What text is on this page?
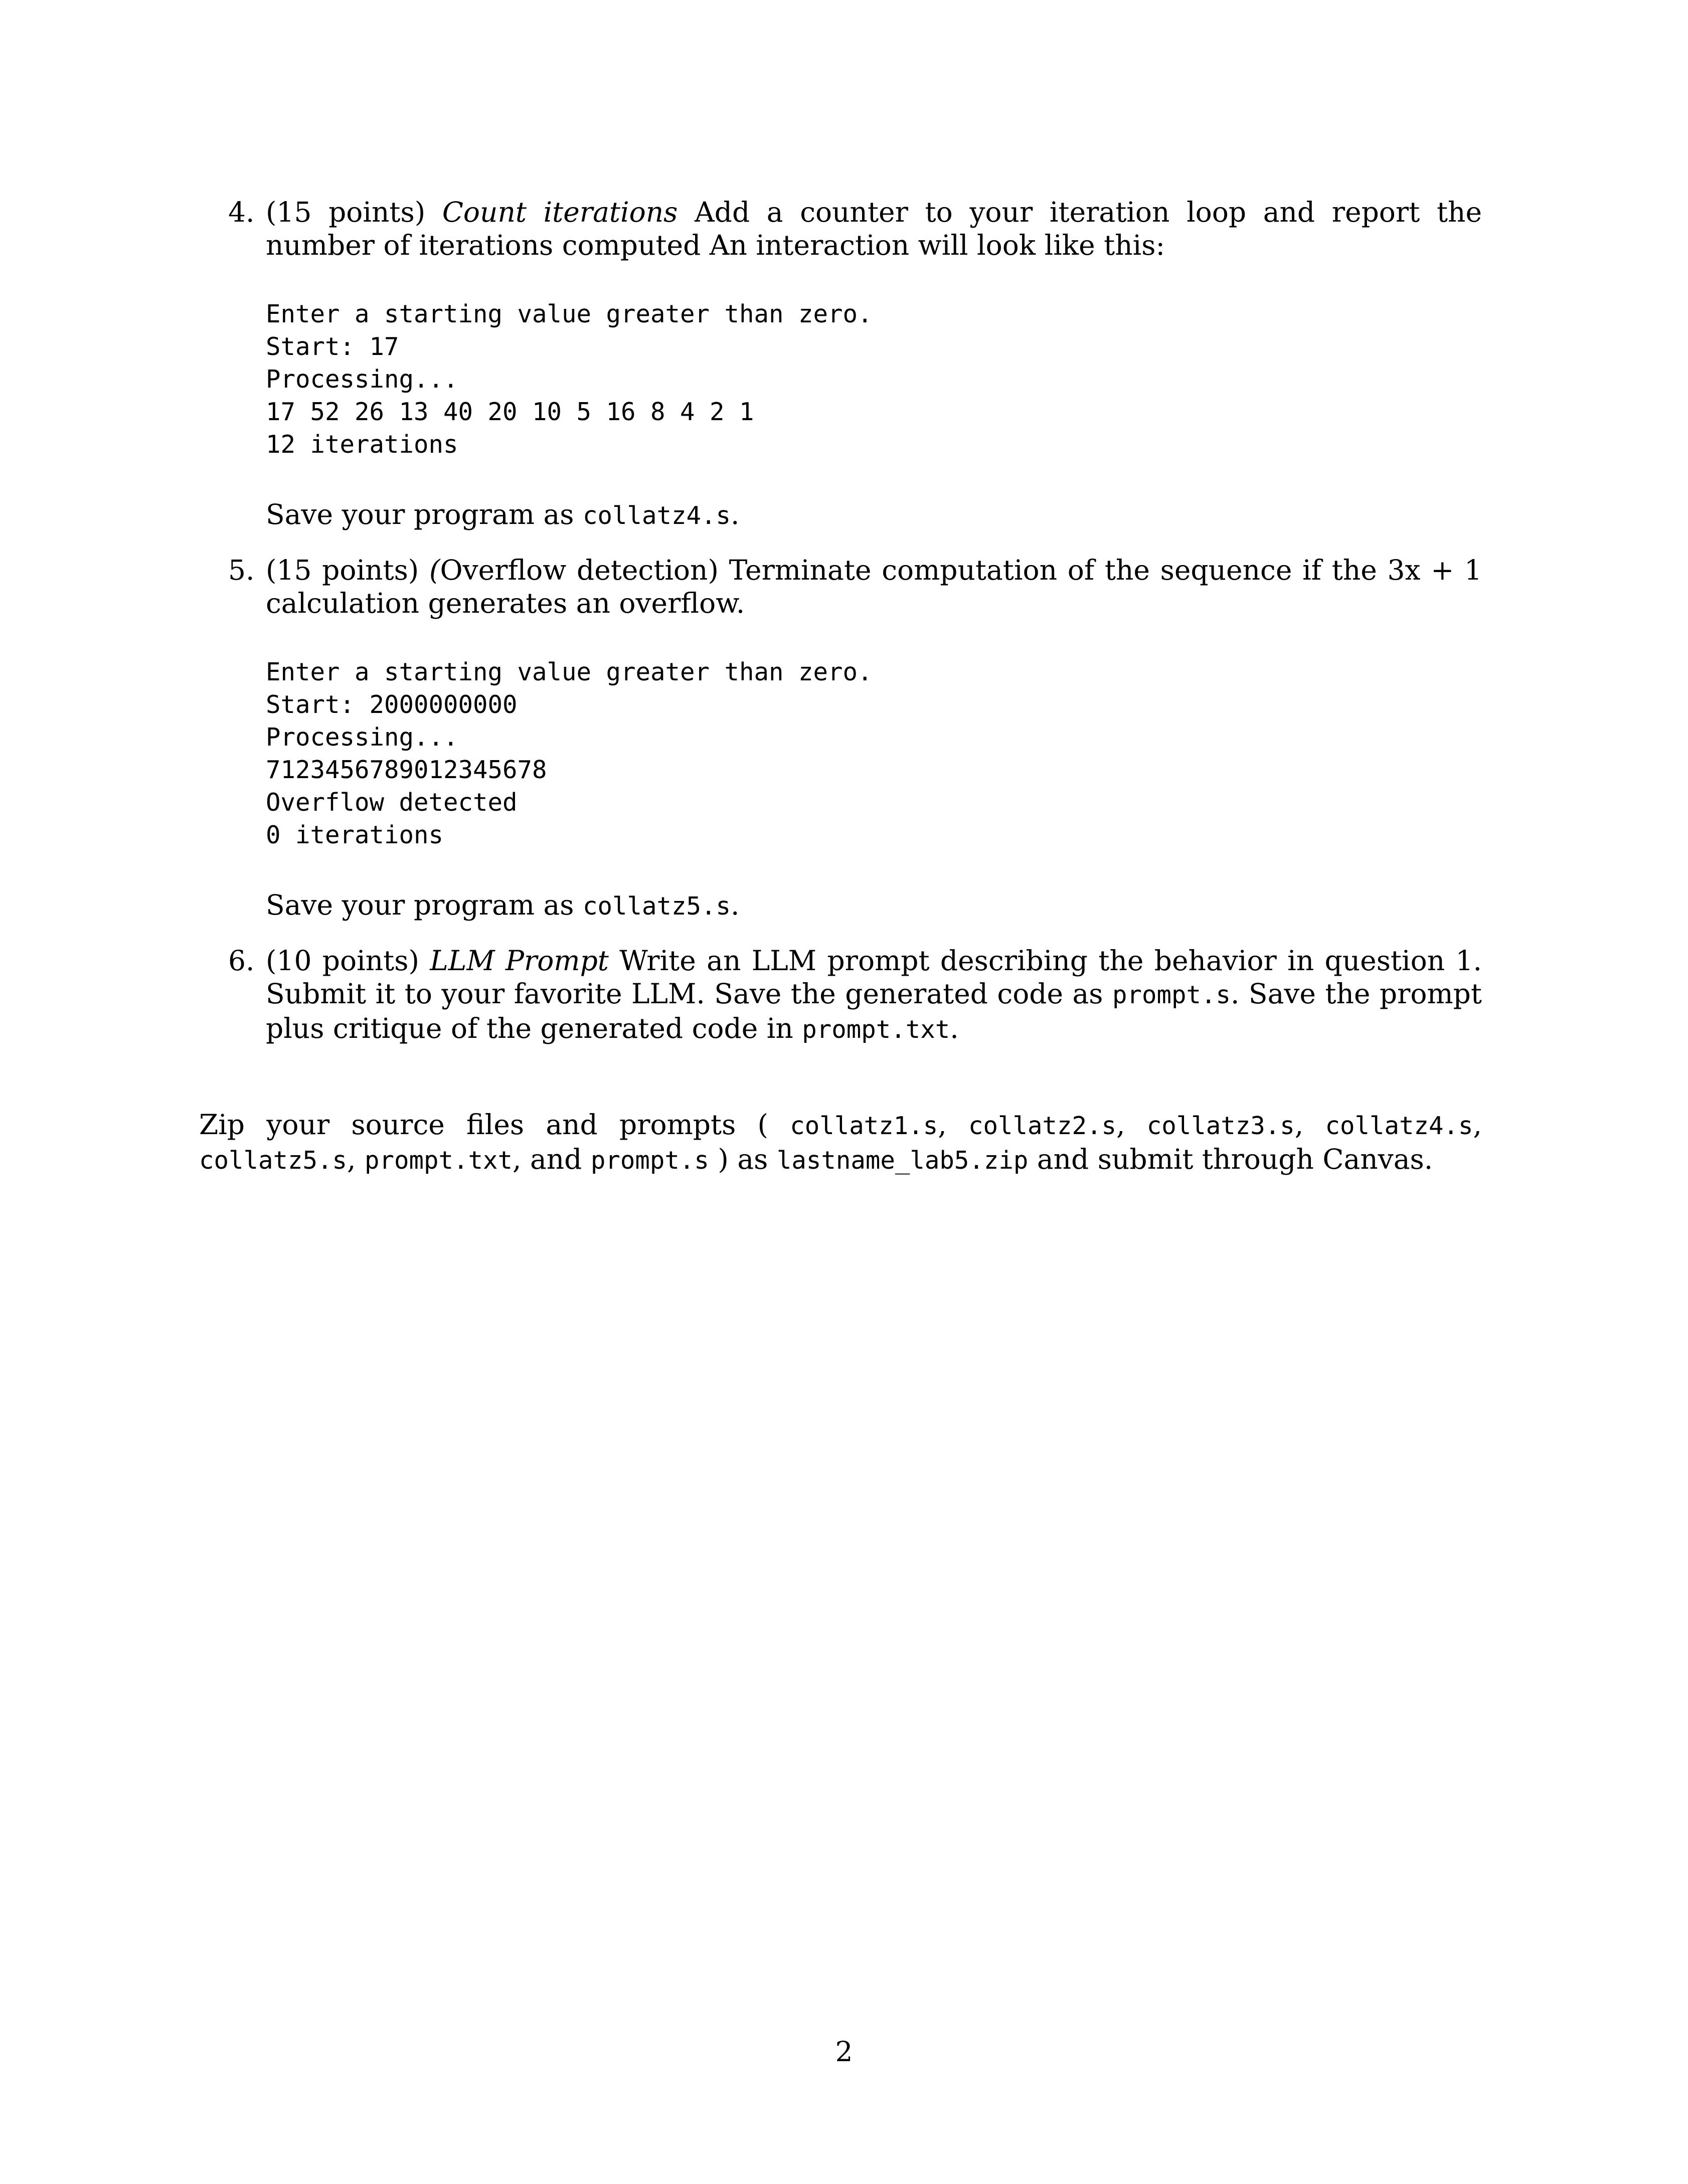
4. (15 points) Count iterations Add a counter to your iteration loop and report the number of iterations computed An interaction will look like this:
Enter a starting value greater than zero.
Start: 17
Processing...
17 52 26 13 40 20 10 5 16 8 4 2 1
12 iterations
Save your program as collatz4.s.
5. (15 points) (Overflow detection) Terminate computation of the sequence if the 3x + 1 calculation generates an overflow.
Enter a starting value greater than zero.
Start: 2000000000
Processing...
7123456789012345678
Overflow detected
0 iterations
Save your program as collatz5.s.
6. (10 points) LLM Prompt Write an LLM prompt describing the behavior in question 1. Submit it to your favorite LLM. Save the generated code as prompt.s. Save the prompt plus critique of the generated code in prompt.txt.
Zip your source files and prompts ( collatz1.s, collatz2.s, collatz3.s, collatz4.s, collatz5.s, prompt.txt, and prompt.s ) as lastname_lab5.zip and submit through Canvas.
2
